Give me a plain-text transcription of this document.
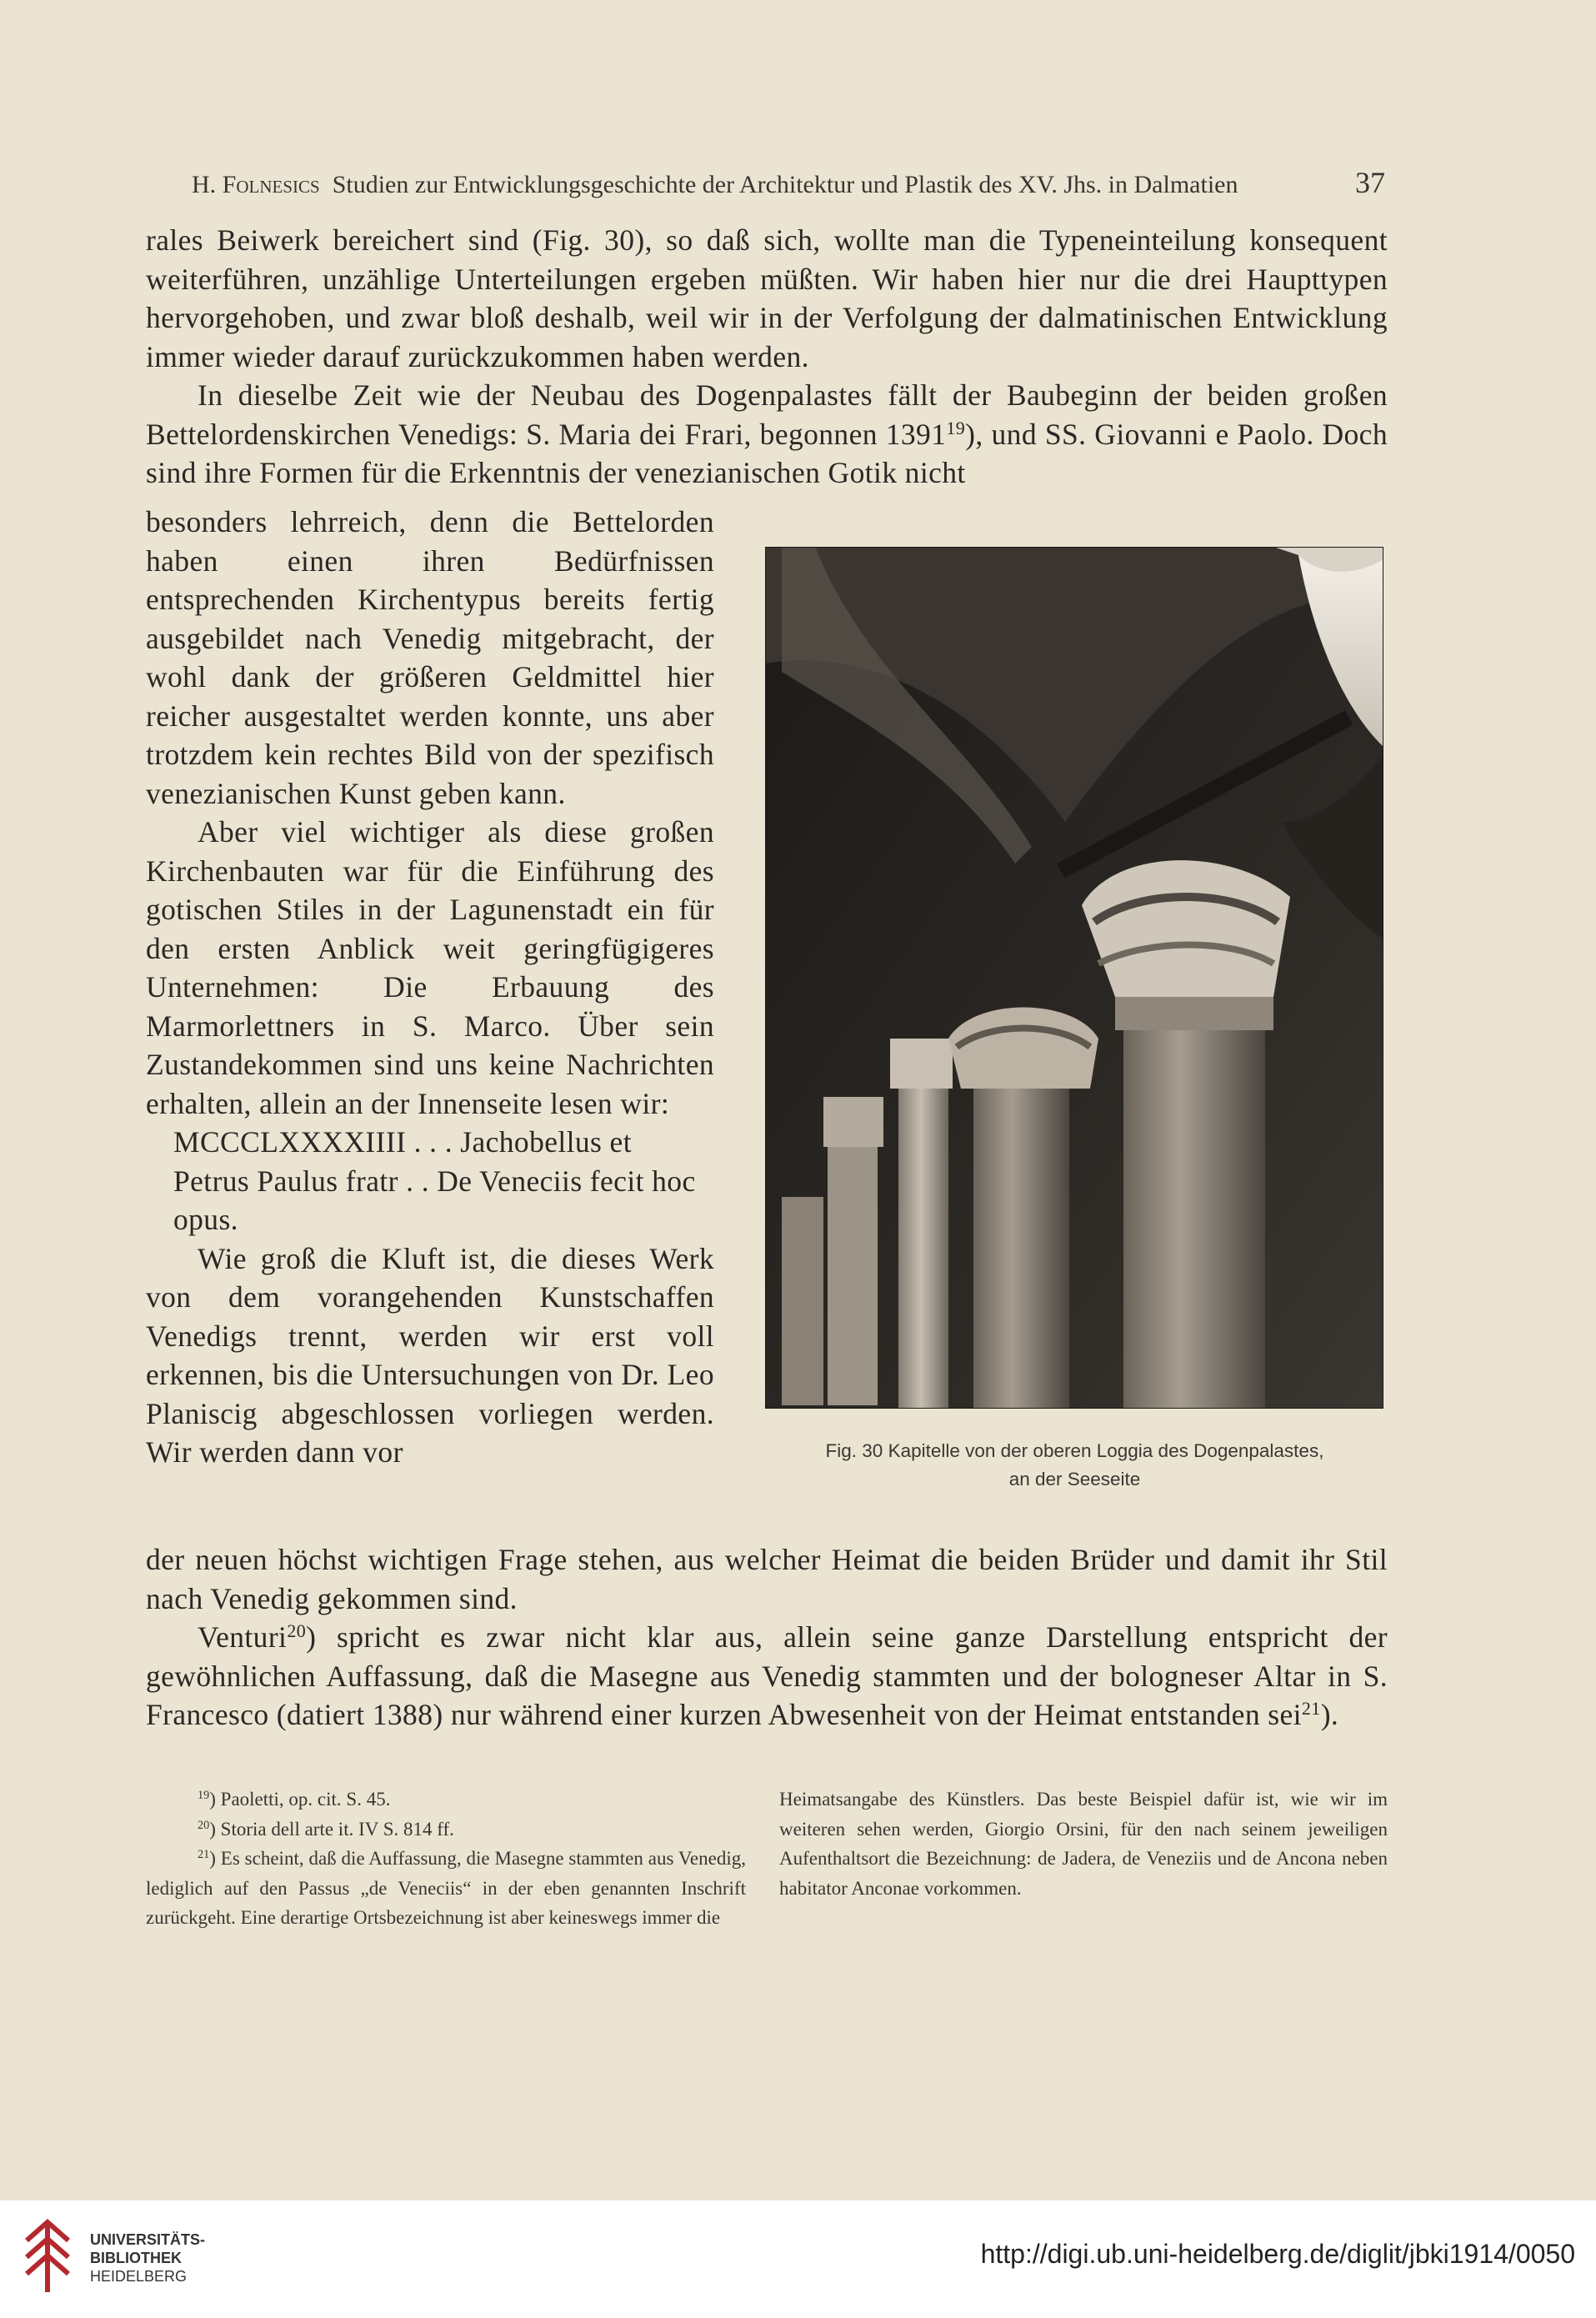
H. Folnesics Studien zur Entwicklungsgeschichte der Architektur und Plastik des XV. Jhs. in Dalmatien	37

rales Beiwerk bereichert sind (Fig. 30), so daß sich, wollte man die Typeneinteilung konsequent weiterführen, unzählige Unterteilungen ergeben müßten. Wir haben hier nur die drei Haupttypen hervorgehoben, und zwar bloß deshalb, weil wir in der Verfolgung der dalmatinischen Entwicklung immer wieder darauf zurückzukommen haben werden.

In dieselbe Zeit wie der Neubau des Dogenpalastes fällt der Baubeginn der beiden großen Bettelordenskirchen Venedigs: S. Maria dei Frari, begonnen 1391$^{19}$), und SS. Giovanni e Paolo. Doch sind ihre Formen für die Erkenntnis der venezianischen Gotik nicht

besonders lehrreich, denn die Bettelorden haben einen ihren Bedürfnissen entsprechenden Kirchentypus bereits fertig ausgebildet nach Venedig mitgebracht, der wohl dank der größeren Geldmittel hier reicher ausgestaltet werden konnte, uns aber trotzdem kein rechtes Bild von der spezifisch venezianischen Kunst geben kann.

Aber viel wichtiger als diese großen Kirchenbauten war für die Einführung des gotischen Stiles in der Lagunenstadt ein für den ersten Anblick weit geringfügigeres Unternehmen: Die Erbauung des Marmorlettners in S. Marco. Über sein Zustandekommen sind uns keine Nachrichten erhalten, allein an der Innenseite lesen wir:

MCCCLXXXXIIII . . . Jachobellus et Petrus Paulus fratr . . De Veneciis fecit hoc opus.

Wie groß die Kluft ist, die dieses Werk von dem vorangehenden Kunstschaffen Venedigs trennt, werden wir erst voll erkennen, bis die Untersuchungen von Dr. Leo Planiscig abgeschlossen vorliegen werden. Wir werden dann vor

der neuen höchst wichtigen Frage stehen, aus welcher Heimat die beiden Brüder und damit ihr Stil nach Venedig gekommen sind.

Venturi$^{20}$) spricht es zwar nicht klar aus, allein seine ganze Darstellung entspricht der gewöhnlichen Auffassung, daß die Masegne aus Venedig stammten und der bologneser Altar in S. Francesco (datiert 1388) nur während einer kurzen Abwesenheit von der Heimat entstanden sei$^{21}$).

Fig. 30 Kapitelle von der oberen Loggia des Dogenpalastes,
an der Seeseite

$^{19}$) Paoletti, op. cit. S. 45.

$^{20}$) Storia dell arte it. IV S. 814 ff.

$^{21}$) Es scheint, daß die Auffassung, die Masegne stammten aus Venedig, lediglich auf den Passus „de Veneciis“ in der eben genannten Inschrift zurückgeht. Eine derartige Ortsbezeichnung ist aber keineswegs immer die

Heimatsangabe des Künstlers. Das beste Beispiel dafür ist, wie wir im weiteren sehen werden, Giorgio Orsini, für den nach seinem jeweiligen Aufenthaltsort die Bezeichnung: de Jadera, de Veneziis und de Ancona neben habitator Anconae vorkommen.

UNIVERSITÄTS-
BIBLIOTHEK
HEIDELBERG
http://digi.ub.uni-heidelberg.de/diglit/jbki1914/0050
